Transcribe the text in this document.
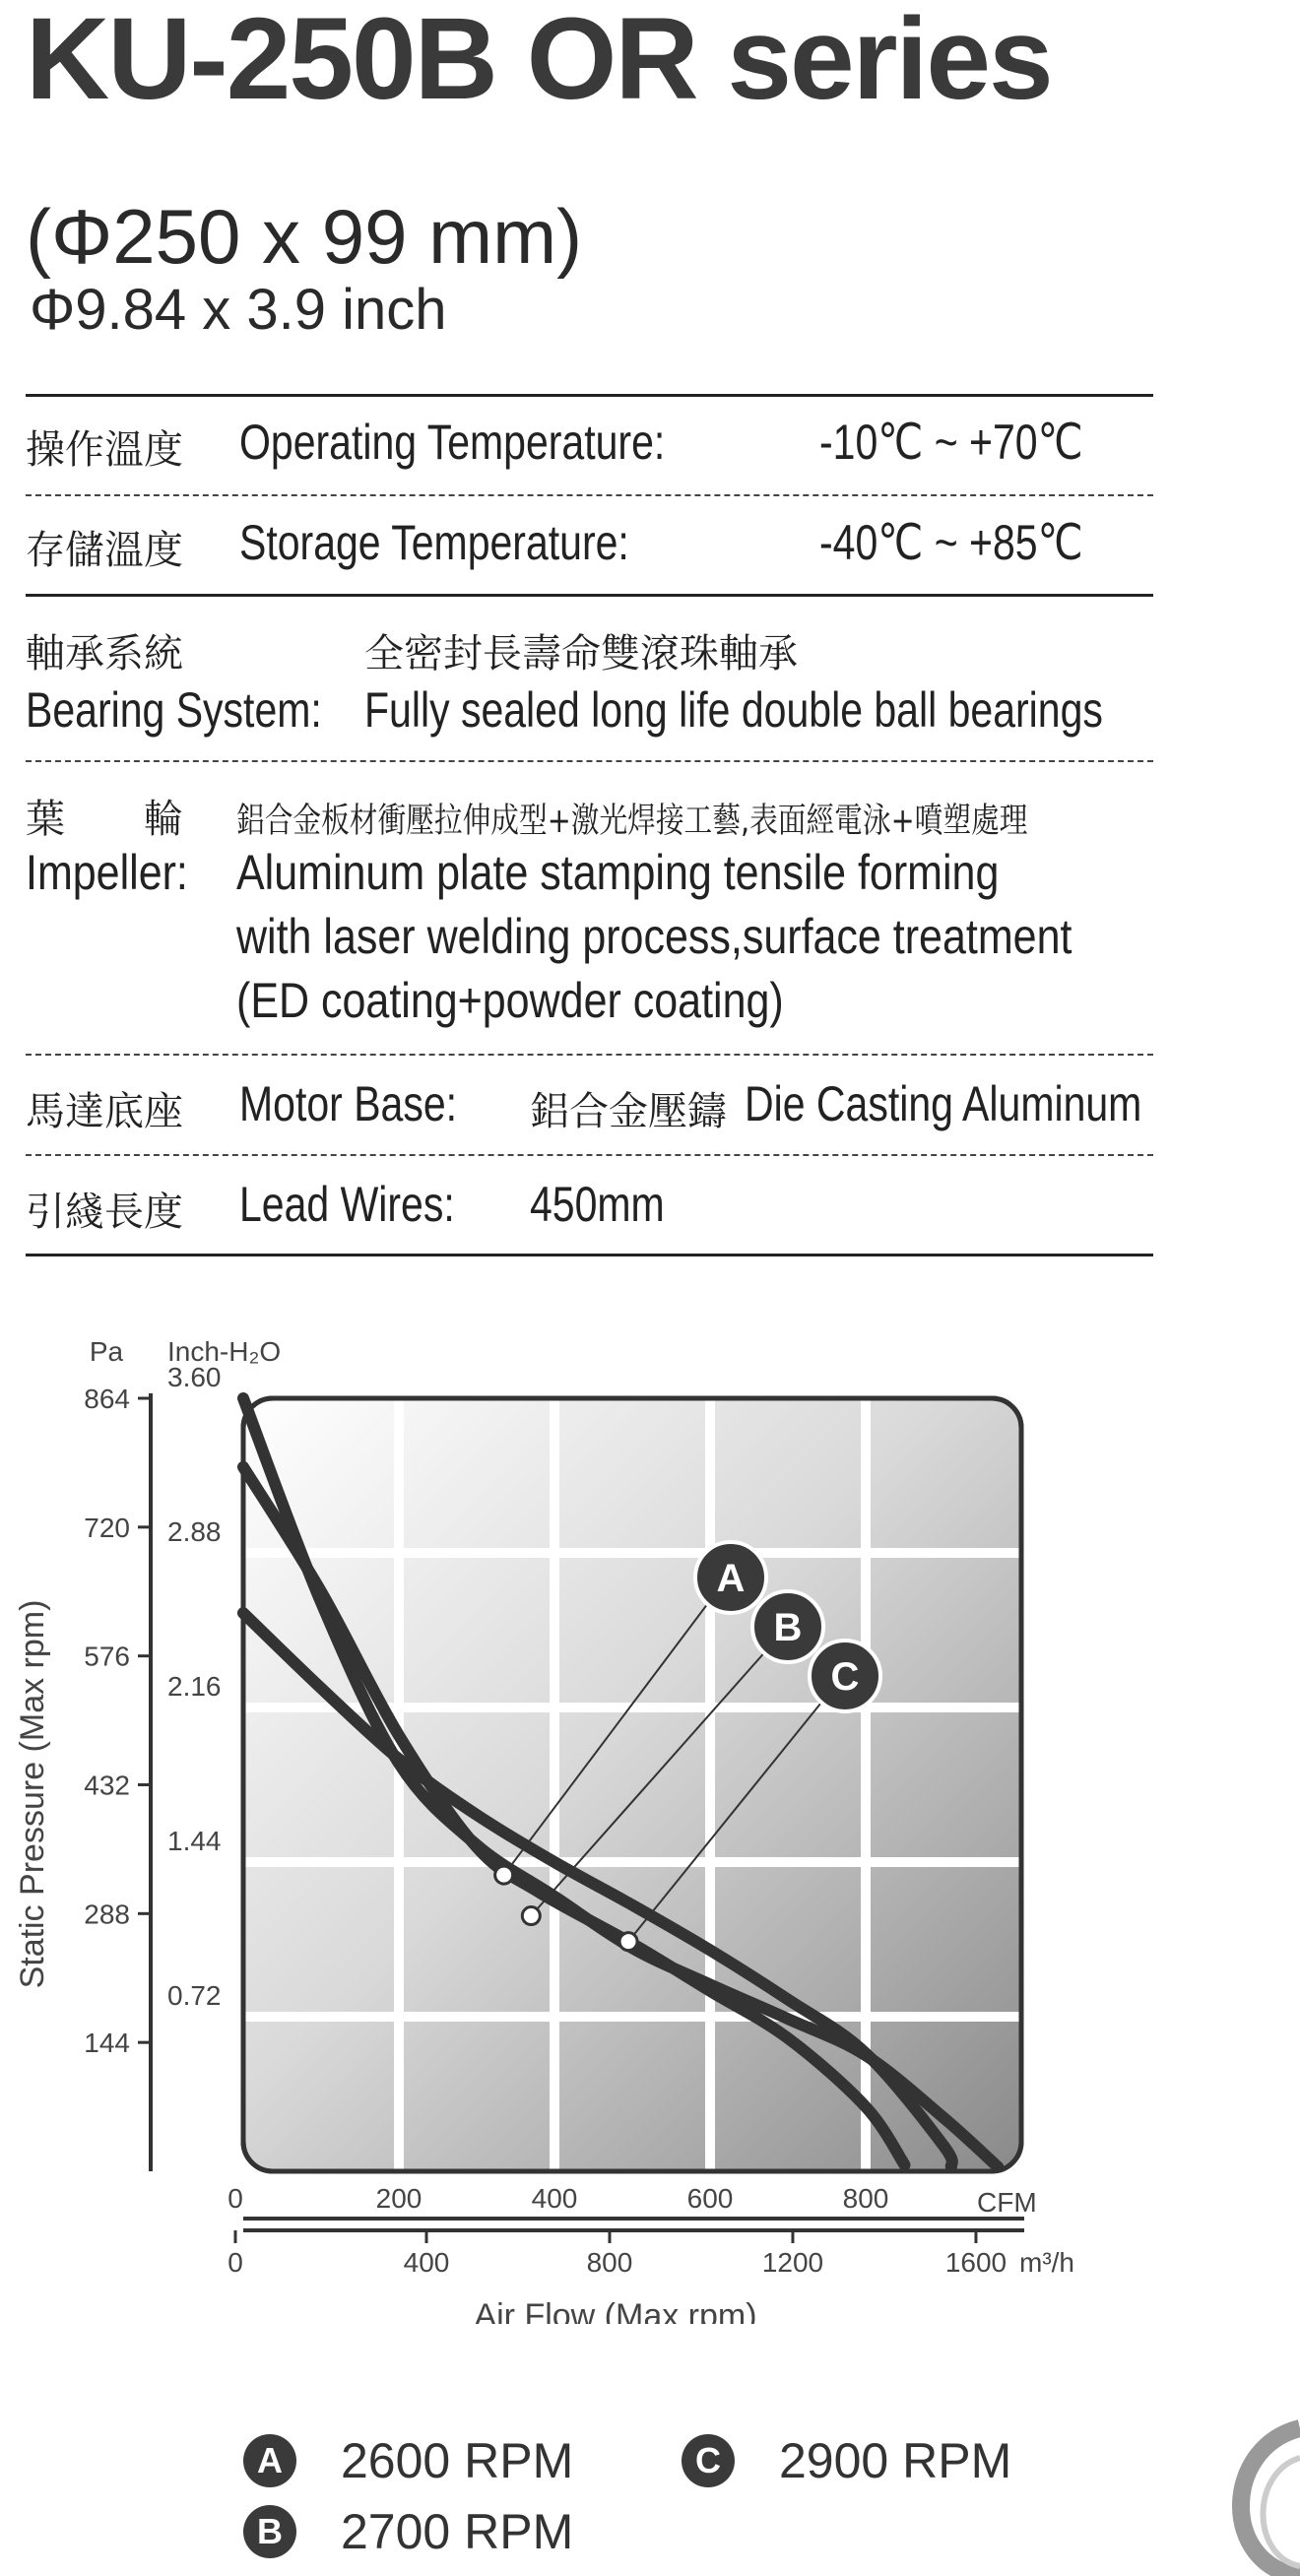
KU-250B OR series
(Φ250 x 99 mm)
Φ9.84 x 3.9 inch
操作溫度 Operating Temperature:	-10℃ ~ +70℃
存儲溫度 Storage Temperature:	-40℃ ~ +85℃
軸承系統	全密封長壽命雙滾珠軸承
Bearing System: Fully sealed long life double ball bearings
葉　　輪 鋁合金板材衝壓拉伸成型+激光焊接工藝,表面經電泳+噴塑處理
Impeller: Aluminum plate stamping tensile forming
with laser welding process,surface treatment
(ED coating+powder coating)
馬達底座 Motor Base:	鋁合金壓鑄 Die Casting Aluminum
引綫長度 Lead Wires:	450mm
144
288
432
576
720
864
0.72
1.44
2.16
2.88
3.60
0	200	400	600	800
0	400	800	1200	1600
A
B
C
Pa Inch-H₂O
CFM
m³/h
Air Flow (Max rpm)
Static Pressure (Max rpm)
A 2600 RPM
B 2700 RPM
C 2900 RPM
